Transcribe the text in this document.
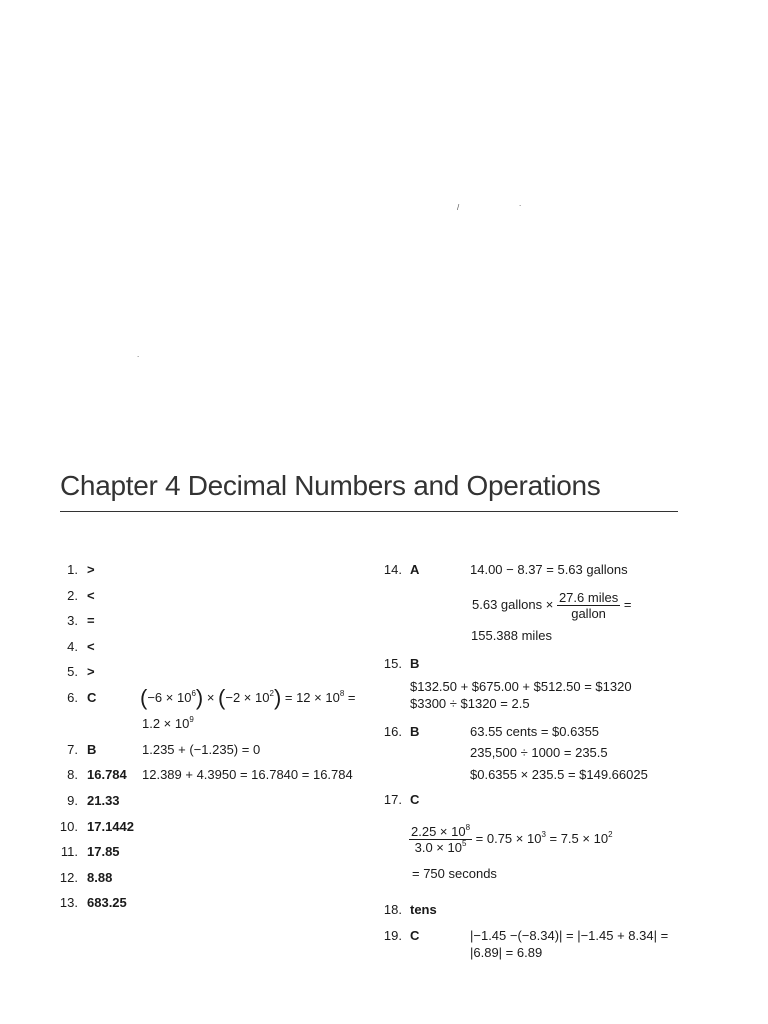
/	.
.
Chapter 4 Decimal Numbers and Operations
1. >
2. <
3. =
4. <
5. >
6. C $(-6 \times 10^6) \times (-2 \times 10^2) = 12 \times 10^8$ =
$1.2 \times 10^9$
7. B	1.235 + (−1.235) = 0
8. 16.784 12.389 + 4.3950 = 16.7840 = 16.784
9. 21.33
10. 17.1442
11. 17.85
12. 8.88
13. 683.25
14. A	14.00 − 8.37 = 5.63 gallons
5.63 gallons × $\frac{\text{27.6 miles}}{\text{gallon}}$ =
155.388 miles
15. B
$132.50 + $675.00 + $512.50 = $1320
$3300 ÷ $1320 = 2.5
16. B	63.55 cents = $0.6355
235,500 ÷ 1000 = 235.5
$0.6355 × 235.5 = $149.66025
17. C
$\frac{2.25 \times 10^8}{3.0 \times 10^5} = 0.75 \times 10^3 = 7.5 \times 10^2$
= 750 seconds
18. tens
19. C	|−1.45 −(−8.34)| = |−1.45 + 8.34| =
|6.89| = 6.89
